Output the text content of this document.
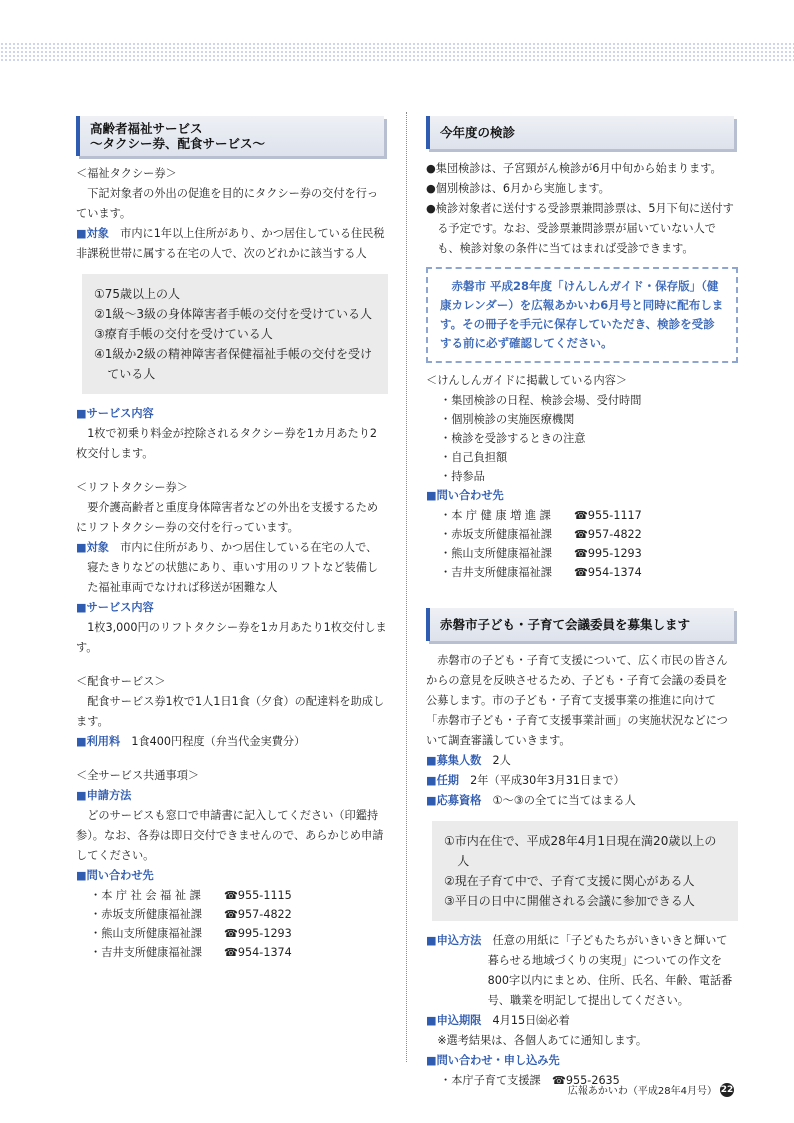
高齢者福祉サービス
～タクシー券、配食サービス～
＜福祉タクシー券＞
下記対象者の外出の促進を目的にタクシー券の交付を行っています。
■対象　 市内に1年以上住所があり、かつ居住している住民税非課税世帯に属する在宅の人で、次のどれかに該当する人
①75歳以上の人
②1級～3級の身体障害者手帳の交付を受けている人
③療育手帳の交付を受けている人
④1級か2級の精神障害者保健福祉手帳の交付を受けている人
■サービス内容
1枚で初乗り料金が控除されるタクシー券を1カ月あたり2枚交付します。
＜リフトタクシー券＞
要介護高齢者と重度身体障害者などの外出を支援するためにリフトタクシー券の交付を行っています。
■対象　 市内に住所があり、かつ居住している在宅の人で、寝たきりなどの状態にあり、車いす用のリフトなど装備した福祉車両でなければ移送が困難な人
■サービス内容
1枚3,000円のリフトタクシー券を1カ月あたり1枚交付します。
＜配食サービス＞
配食サービス券1枚で1人1日1食（夕食）の配達料を助成します。
■利用料　 1食400円程度（弁当代金実費分）
＜全サービス共通事項＞
■申請方法
どのサービスも窓口で申請書に記入してください（印鑑持参）。なお、各券は即日交付できませんので、あらかじめ申請してください。
■問い合わせ先
・本 庁 社 会 福 祉 課	☎955-1115
・赤坂支所健康福祉課	☎957-4822
・熊山支所健康福祉課	☎995-1293
・吉井支所健康福祉課	☎954-1374
今年度の検診
●集団検診は、子宮頸がん検診が6月中旬から始まります。
●個別検診は、6月から実施します。
●検診対象者に送付する受診票兼問診票は、5月下旬に送付する予定です。なお、受診票兼問診票が届いていない人でも、検診対象の条件に当てはまれば受診できます。
赤磐市 平成28年度「けんしんガイド・保存版」（健康カレンダー）を広報あかいわ6月号と同時に配布します。その冊子を手元に保存していただき、検診を受診する前に必ず確認してください。
＜けんしんガイドに掲載している内容＞
・集団検診の日程、検診会場、受付時間
・個別検診の実施医療機関
・検診を受診するときの注意
・自己負担額
・持参品
■問い合わせ先
・本 庁 健 康 増 進 課	☎955-1117
・赤坂支所健康福祉課	☎957-4822
・熊山支所健康福祉課	☎995-1293
・吉井支所健康福祉課	☎954-1374
赤磐市子ども・子育て会議委員を募集します
赤磐市の子ども・子育て支援について、広く市民の皆さんからの意見を反映させるため、子ども・子育て会議の委員を公募します。市の子ども・子育て支援事業の推進に向けて「赤磐市子ども・子育て支援事業計画」の実施状況などについて調査審議していきます。
■募集人数　 2人
■任期　 2年（平成30年3月31日まで）
■応募資格　 ①～③の全てに当てはまる人
①市内在住で、平成28年4月1日現在満20歳以上の人
②現在子育て中で、子育て支援に関心がある人
③平日の日中に開催される会議に参加できる人
■申込方法　 任意の用紙に「子どもたちがいきいきと輝いて暮らせる地域づくりの実現」についての作文を800字以内にまとめ、住所、氏名、年齢、電話番号、職業を明記して提出してください。
■申込期限　 4月15日㈮必着
※選考結果は、各個人あてに通知します。
■問い合わせ・申し込み先
・本庁子育て支援課	☎955-2635
広報あかいわ（平成28年4月号） 22
